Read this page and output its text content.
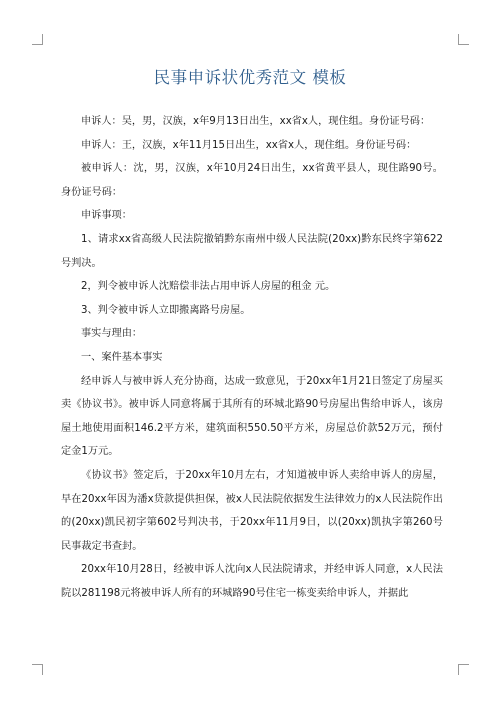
民事申诉状优秀范文 模板

申诉人：吴，男，汉族，x年9月13日出生，xx省x人，现住组。身份证号码：

申诉人：王，汉族，x年11月15日出生，xx省x人，现住组。身份证号码：

被申诉人：沈，男，汉族，x年10月24日出生，xx省黄平县人，现住路90号。身份证号码：

申诉事项：

1、请求xx省高级人民法院撤销黔东南州中级人民法院(20xx)黔东民终字第622号判决。

2，判令被申诉人沈赔偿非法占用申诉人房屋的租金 元。

3、判令被申诉人立即搬离路号房屋。

事实与理由：

一、案件基本事实

经申诉人与被申诉人充分协商，达成一致意见，于20xx年1月21日签定了房屋买卖《协议书》。被申诉人同意将属于其所有的环城北路90号房屋出售给申诉人，该房屋土地使用面积146.2平方米，建筑面积550.50平方米，房屋总价款52万元，预付定金1万元。

《协议书》签定后，于20xx年10月左右，才知道被申诉人卖给申诉人的房屋，早在20xx年因为潘x贷款提供担保，被x人民法院依据发生法律效力的x人民法院作出的(20xx)凯民初字第602号判决书，于20xx年11月9日，以(20xx)凯执字第260号民事裁定书查封。

20xx年10月28日，经被申诉人沈向x人民法院请求，并经申诉人同意，x人民法院以281198元将被申诉人所有的环城路90号住宅一栋变卖给申诉人，并据此
